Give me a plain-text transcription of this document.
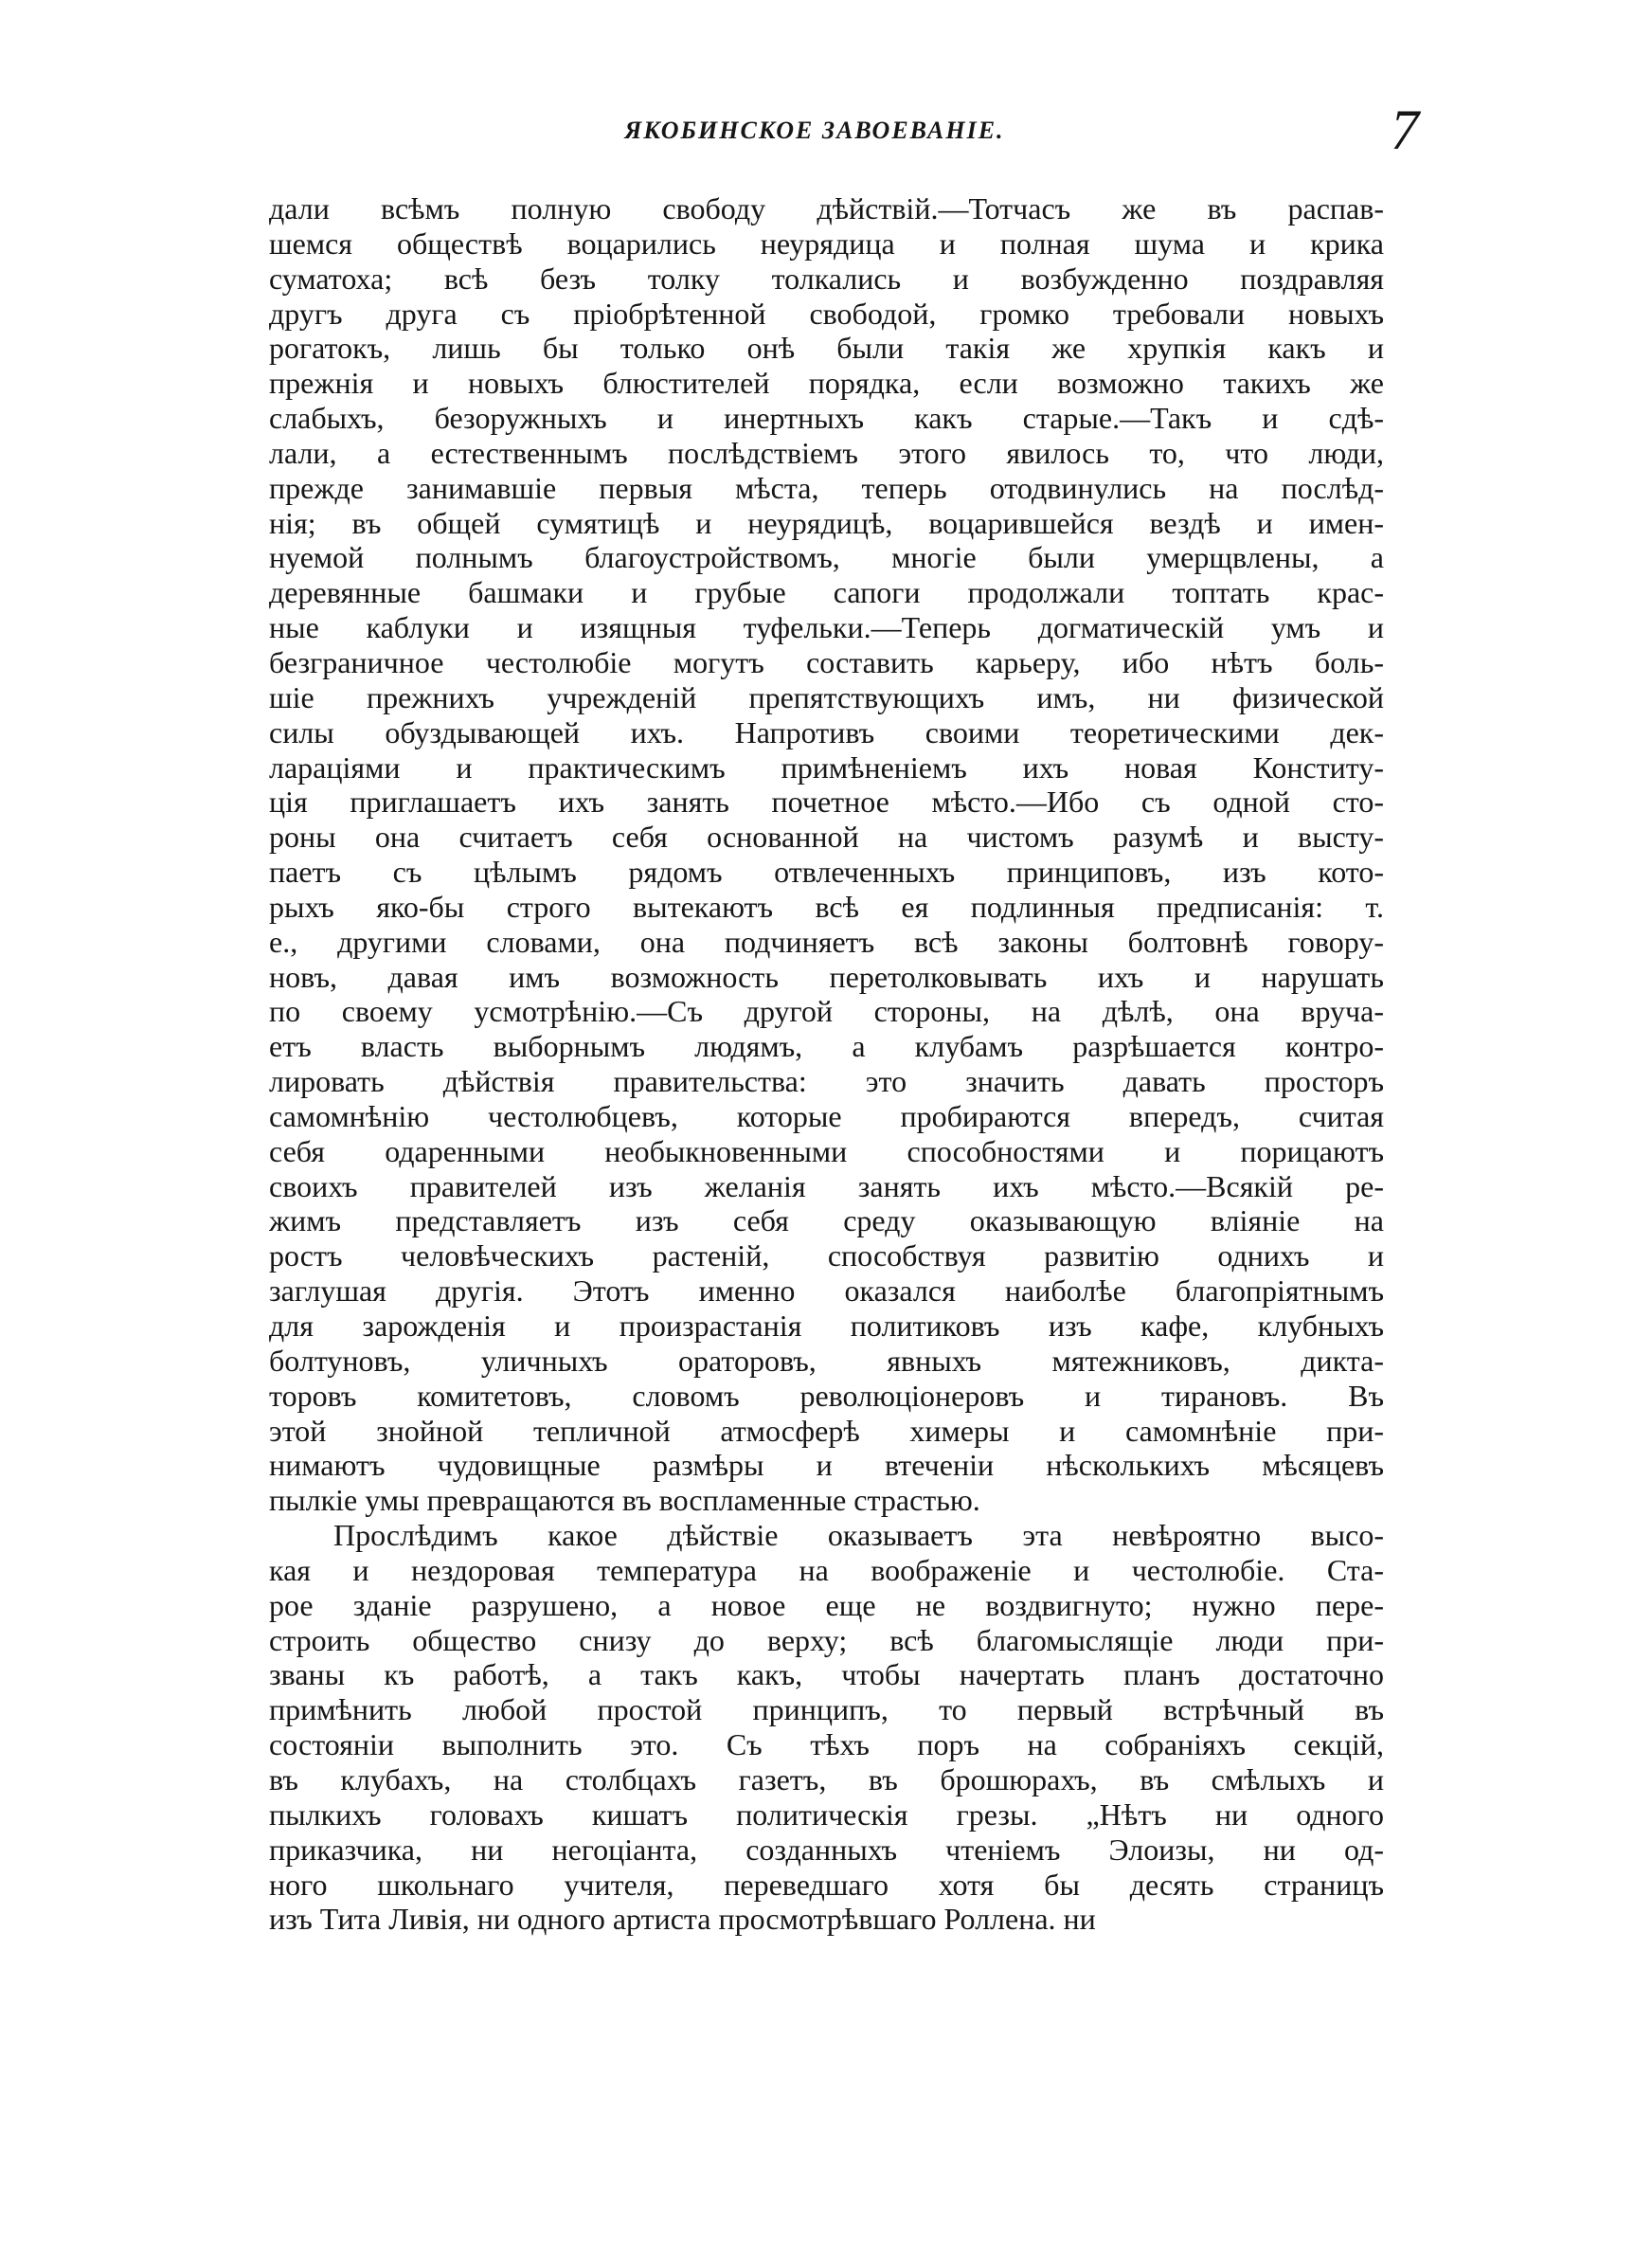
ЯКОБИНСКОЕ ЗАВОЕВАНІЕ.	7
дали всѣмъ полную свободу дѣйствій.—Тотчасъ же въ распав-
шемся обществѣ воцарились неурядица и полная шума и крика
суматоха; всѣ безъ толку толкались и возбужденно поздравляя
другъ друга съ пріобрѣтенной свободой, громко требовали новыхъ
рогатокъ, лишь бы только онѣ были такія же хрупкія какъ и
прежнія и новыхъ блюстителей порядка, если возможно такихъ же
слабыхъ, безоружныхъ и инертныхъ какъ старые.—Такъ и сдѣ-
лали, а естественнымъ послѣдствіемъ этого явилось то, что люди,
прежде занимавшіе первыя мѣста, теперь отодвинулись на послѣд-
нія; въ общей сумятицѣ и неурядицѣ, воцарившейся вездѣ и имен-
нуемой полнымъ благоустройствомъ, многіе были умерщвлены, а
деревянные башмаки и грубые сапоги продолжали топтать крас-
ные каблуки и изящныя туфельки.—Теперь догматическій умъ и
безграничное честолюбіе могутъ составить карьеру, ибо нѣтъ боль-
шіе прежнихъ учрежденій препятствующихъ имъ, ни физической
силы обуздывающей ихъ. Напротивъ своими теоретическими дек-
лараціями и практическимъ примѣненіемъ ихъ новая Конститу-
ція приглашаетъ ихъ занять почетное мѣсто.—Ибо съ одной сто-
роны она считаетъ себя основанной на чистомъ разумѣ и высту-
паетъ съ цѣлымъ рядомъ отвлеченныхъ принциповъ, изъ кото-
рыхъ яко-бы строго вытекаютъ всѣ ея подлинныя предписанія: т.
е., другими словами, она подчиняетъ всѣ законы болтовнѣ говору-
новъ, давая имъ возможность перетолковывать ихъ и нарушать
по своему усмотрѣнію.—Съ другой стороны, на дѣлѣ, она вруча-
етъ власть выборнымъ людямъ, а клубамъ разрѣшается контро-
лировать дѣйствія правительства: это значить давать просторъ
самомнѣнію честолюбцевъ, которые пробираются впередъ, считая
себя одаренными необыкновенными способностями и порицаютъ
своихъ правителей изъ желанія занять ихъ мѣсто.—Всякій ре-
жимъ представляетъ изъ себя среду оказывающую вліяніе на
ростъ человѣческихъ растеній, способствуя развитію однихъ и
заглушая другія. Этотъ именно оказался наиболѣе благопріятнымъ
для зарожденія и произрастанія политиковъ изъ кафе, клубныхъ
болтуновъ, уличныхъ ораторовъ, явныхъ мятежниковъ, дикта-
торовъ комитетовъ, словомъ революціонеровъ и тирановъ. Въ
этой знойной тепличной атмосферѣ химеры и самомнѣніе при-
нимаютъ чудовищные размѣры и втеченіи нѣсколькихъ мѣсяцевъ
пылкіе умы превращаются въ воспламенные страстью.
Прослѣдимъ какое дѣйствіе оказываетъ эта невѣроятно высо-
кая и нездоровая температура на воображеніе и честолюбіе. Ста-
рое зданіе разрушено, а новое еще не воздвигнуто; нужно пере-
строить общество снизу до верху; всѣ благомыслящіе люди при-
званы къ работѣ, а такъ какъ, чтобы начертать планъ достаточно
примѣнить любой простой принципъ, то первый встрѣчный въ
состояніи выполнить это. Съ тѣхъ поръ на собраніяхъ секцій,
въ клубахъ, на столбцахъ газетъ, въ брошюрахъ, въ смѣлыхъ и
пылкихъ головахъ кишатъ политическія грезы. „Нѣтъ ни одного
приказчика, ни негоціанта, созданныхъ чтеніемъ Элоизы, ни од-
ного школьнаго учителя, переведшаго хотя бы десять страницъ
изъ Тита Ливія, ни одного артиста просмотрѣвшаго Роллена. ни
